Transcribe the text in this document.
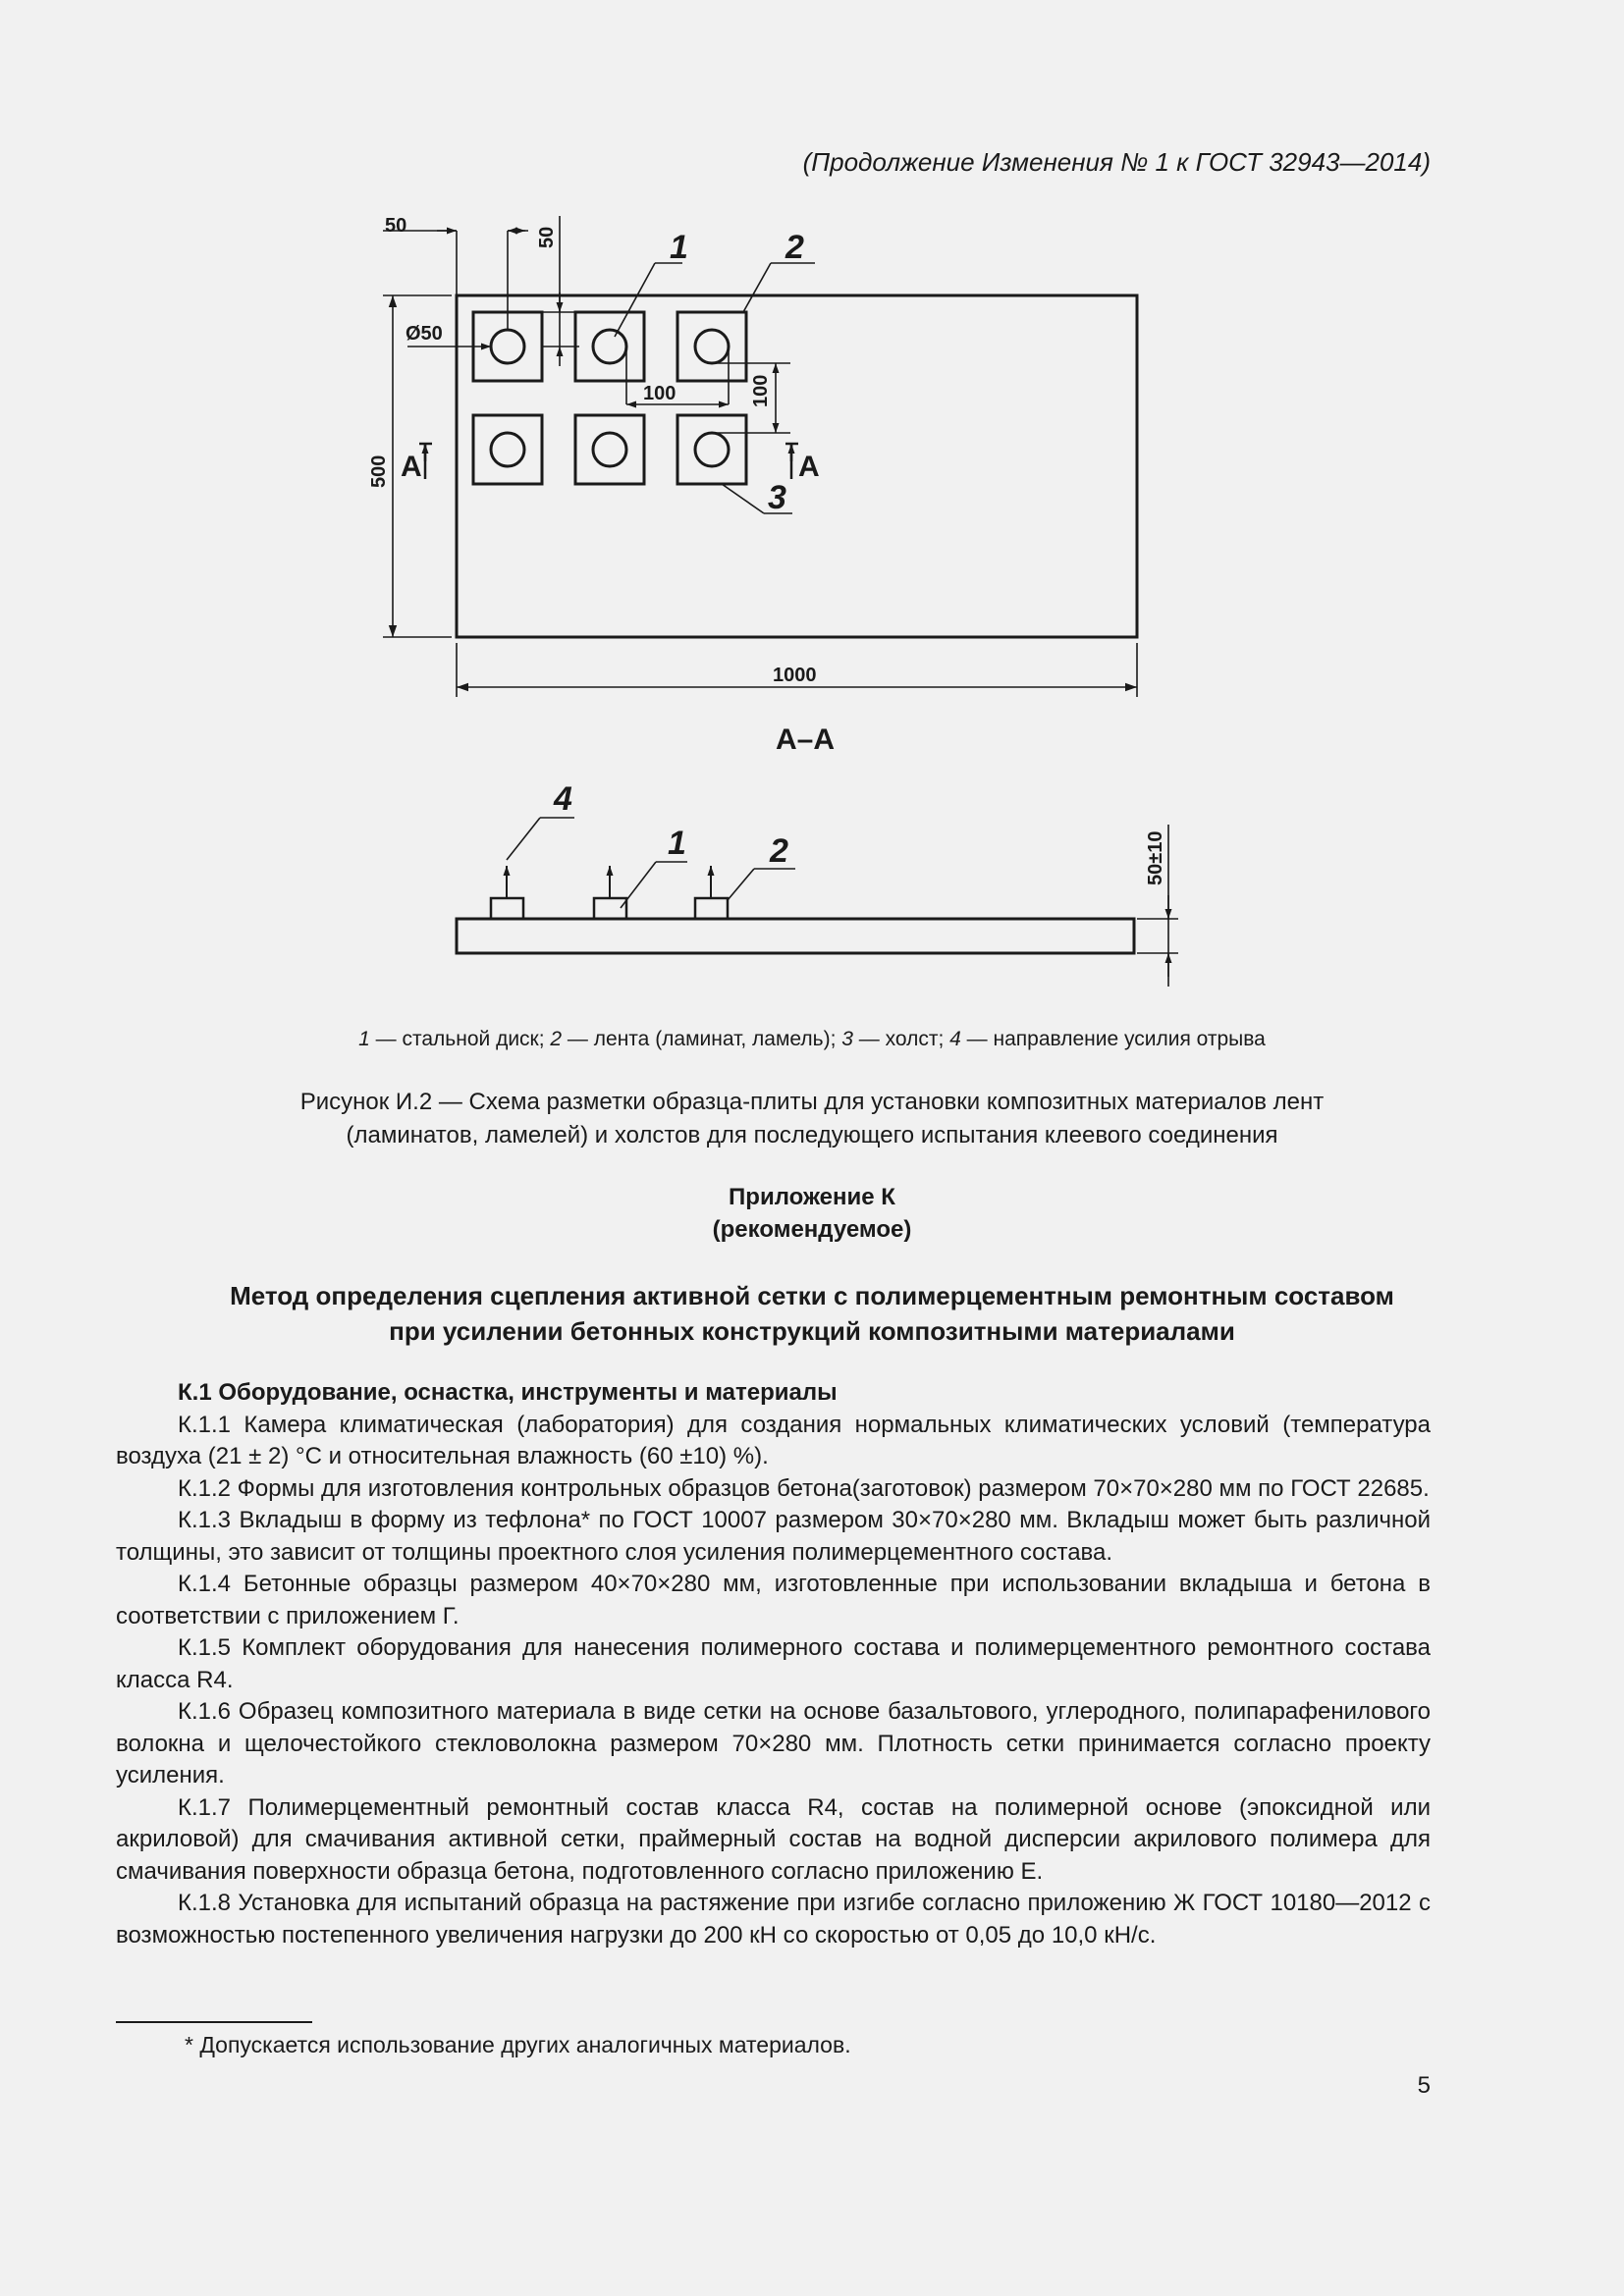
(Продолжение Изменения № 1 к ГОСТ 32943—2014)
50
50
Ø50
100	100
500
1000
А	А
1	2
3
А–А
4
1	2	50±10
1 — стальной диск; 2 — лента (ламинат, ламель); 3 — холст; 4 — направление усилия отрыва
Рисунок И.2 — Схема разметки образца-плиты для установки композитных материалов лент
(ламинатов, ламелей) и холстов для последующего испытания клеевого соединения
Приложение К
(рекомендуемое)
Метод определения сцепления активной сетки с полимерцементным ремонтным составом
при усилении бетонных конструкций композитными материалами

К.1 Оборудование, оснастка, инструменты и материалы

К.1.1 Камера климатическая (лаборатория) для создания нормальных климатических условий (температура воздуха (21 ± 2) °С и относительная влажность (60 ±10) %).

К.1.2 Формы для изготовления контрольных образцов бетона(заготовок) размером 70×70×280 мм по ГОСТ 22685.

К.1.3 Вкладыш в форму из тефлона* по ГОСТ 10007 размером 30×70×280 мм. Вкладыш может быть различной толщины, это зависит от толщины проектного слоя усиления полимерцементного состава.

К.1.4 Бетонные образцы размером 40×70×280 мм, изготовленные при использовании вкладыша и бетона в соответствии с приложением Г.

К.1.5 Комплект оборудования для нанесения полимерного состава и полимерцементного ремонтного состава класса R4.

К.1.6 Образец композитного материала в виде сетки на основе базальтового, углеродного, полипарафенилового волокна и щелочестойкого стекловолокна размером 70×280 мм. Плотность сетки принимается согласно проекту усиления.

К.1.7 Полимерцементный ремонтный состав класса R4, состав на полимерной основе (эпоксидной или акриловой) для смачивания активной сетки, праймерный состав на водной дисперсии акрилового полимера для смачивания поверхности образца бетона, подготовленного согласно приложению Е.

К.1.8 Установка для испытаний образца на растяжение при изгибе согласно приложению Ж ГОСТ 10180—2012 с возможностью постепенного увеличения нагрузки до 200 кН со скоростью от 0,05 до 10,0 кН/с.

* Допускается использование других аналогичных материалов.
5
